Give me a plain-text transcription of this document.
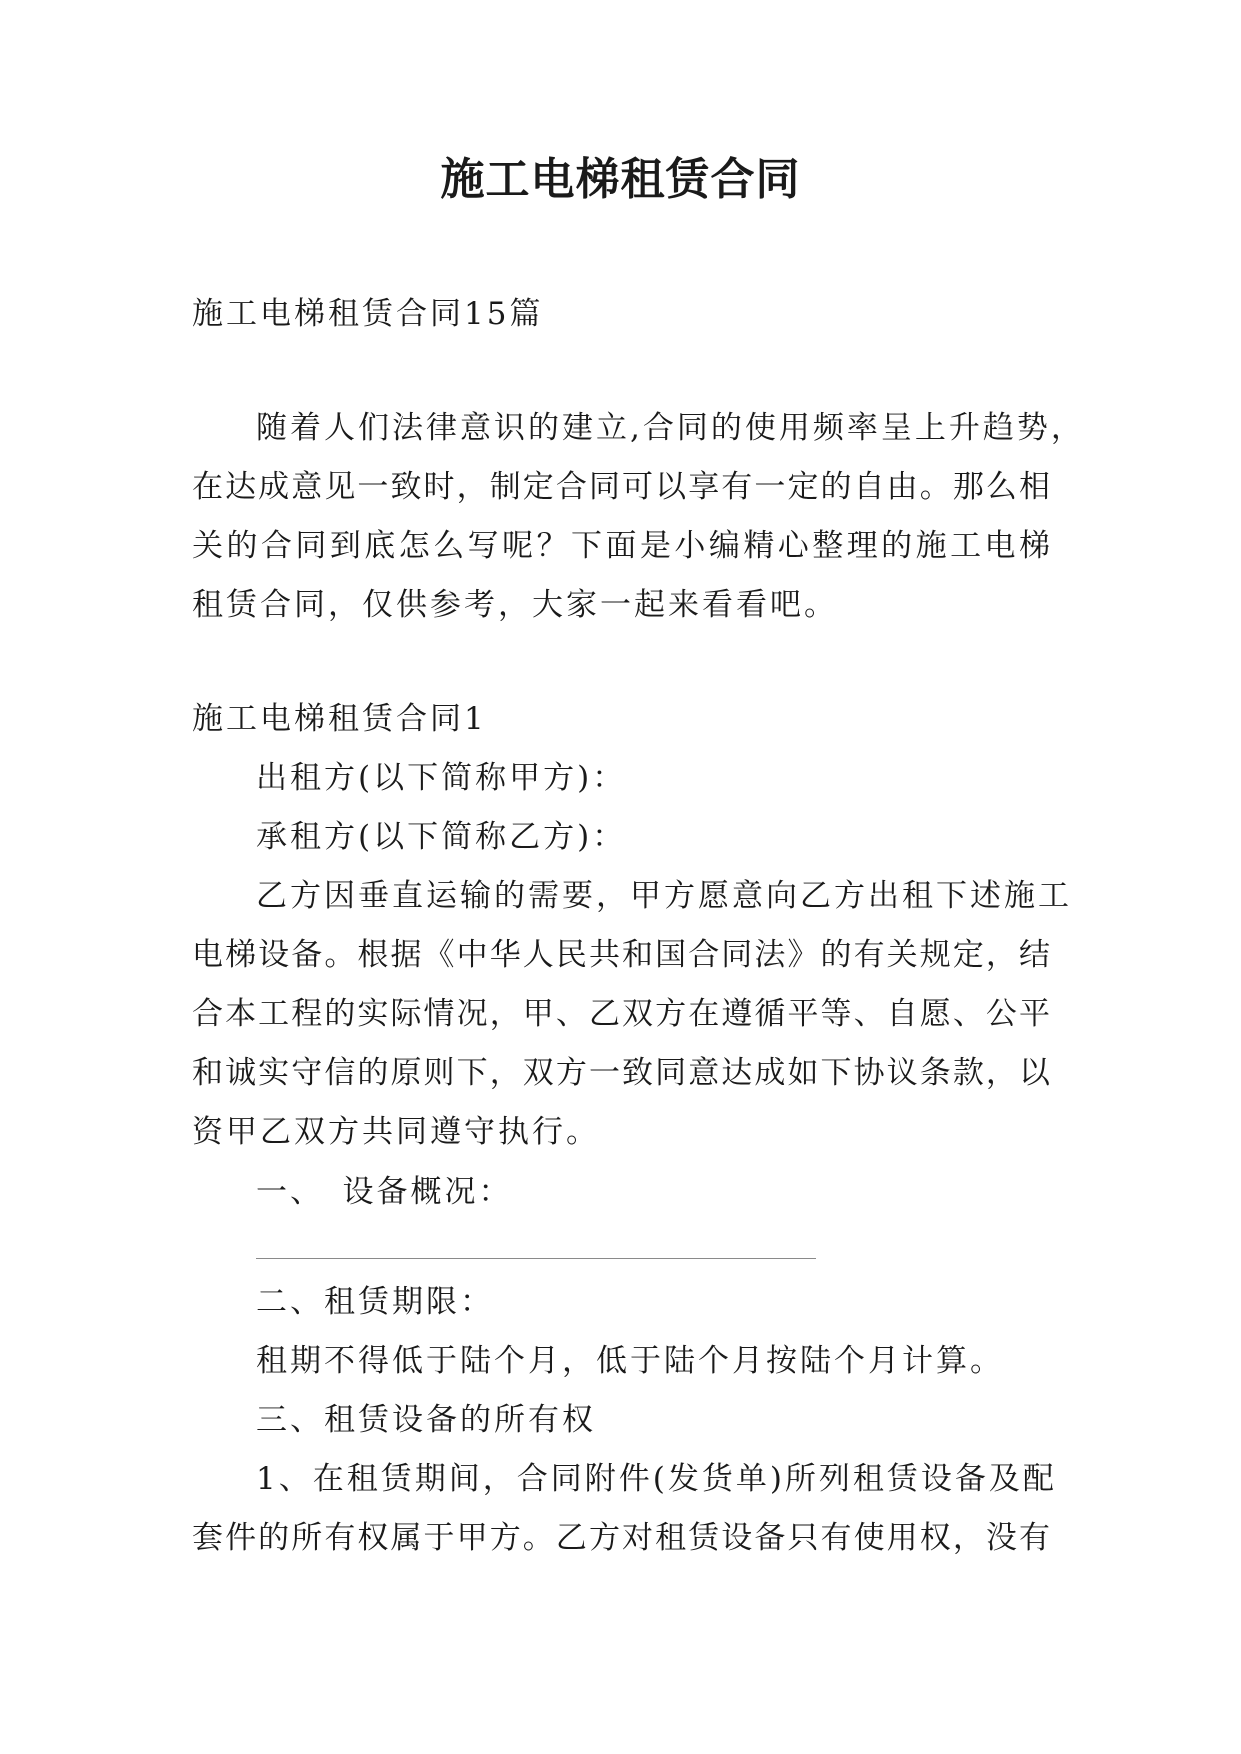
施工电梯租赁合同
施工电梯租赁合同15篇
随着人们法律意识的建立,合同的使用频率呈上升趋势，
在达成意见一致时，制定合同可以享有一定的自由。那么相
关的合同到底怎么写呢？下面是小编精心整理的施工电梯
租赁合同，仅供参考，大家一起来看看吧。
施工电梯租赁合同1
出租方(以下简称甲方)：
承租方(以下简称乙方)：
乙方因垂直运输的需要，甲方愿意向乙方出租下述施工
电梯设备。根据《中华人民共和国合同法》的有关规定，结
合本工程的实际情况，甲、乙双方在遵循平等、自愿、公平
和诚实守信的原则下，双方一致同意达成如下协议条款，以
资甲乙双方共同遵守执行。
一、　设备概况：
二、租赁期限：
租期不得低于陆个月，低于陆个月按陆个月计算。
三、租赁设备的所有权
1、在租赁期间，合同附件(发货单)所列租赁设备及配
套件的所有权属于甲方。乙方对租赁设备只有使用权，没有
